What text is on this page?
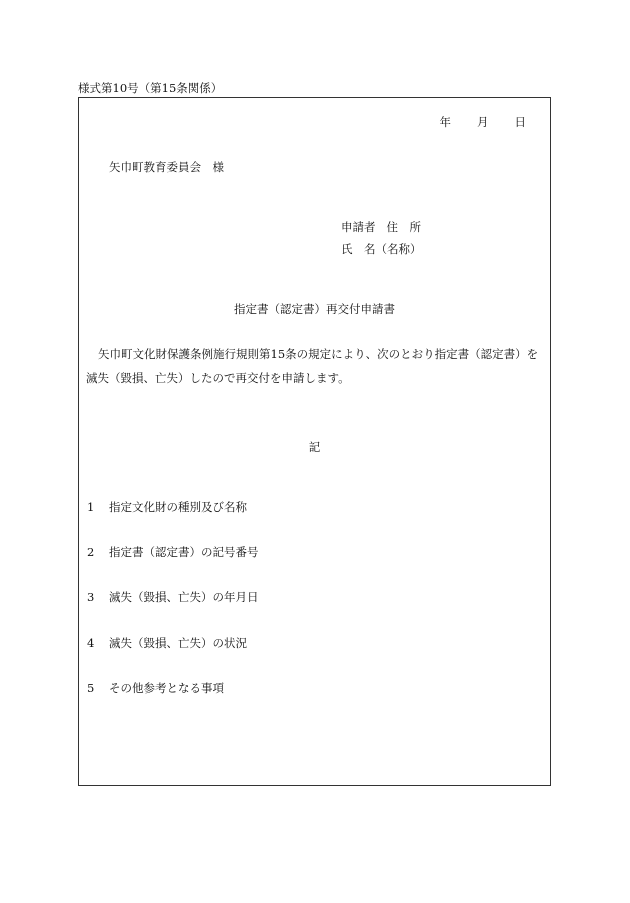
様式第10号（第15条関係）
年 月 日
矢巾町教育委員会　様
申請者 住　所
氏　名（名称）
指定書（認定書）再交付申請書
矢巾町文化財保護条例施行規則第15条の規定により、次のとおり指定書（認定書）を
滅失（毀損、亡失）したので再交付を申請します。
記
1 指定文化財の種別及び名称
2 指定書（認定書）の記号番号
3 滅失（毀損、亡失）の年月日
4 滅失（毀損、亡失）の状況
5 その他参考となる事項
